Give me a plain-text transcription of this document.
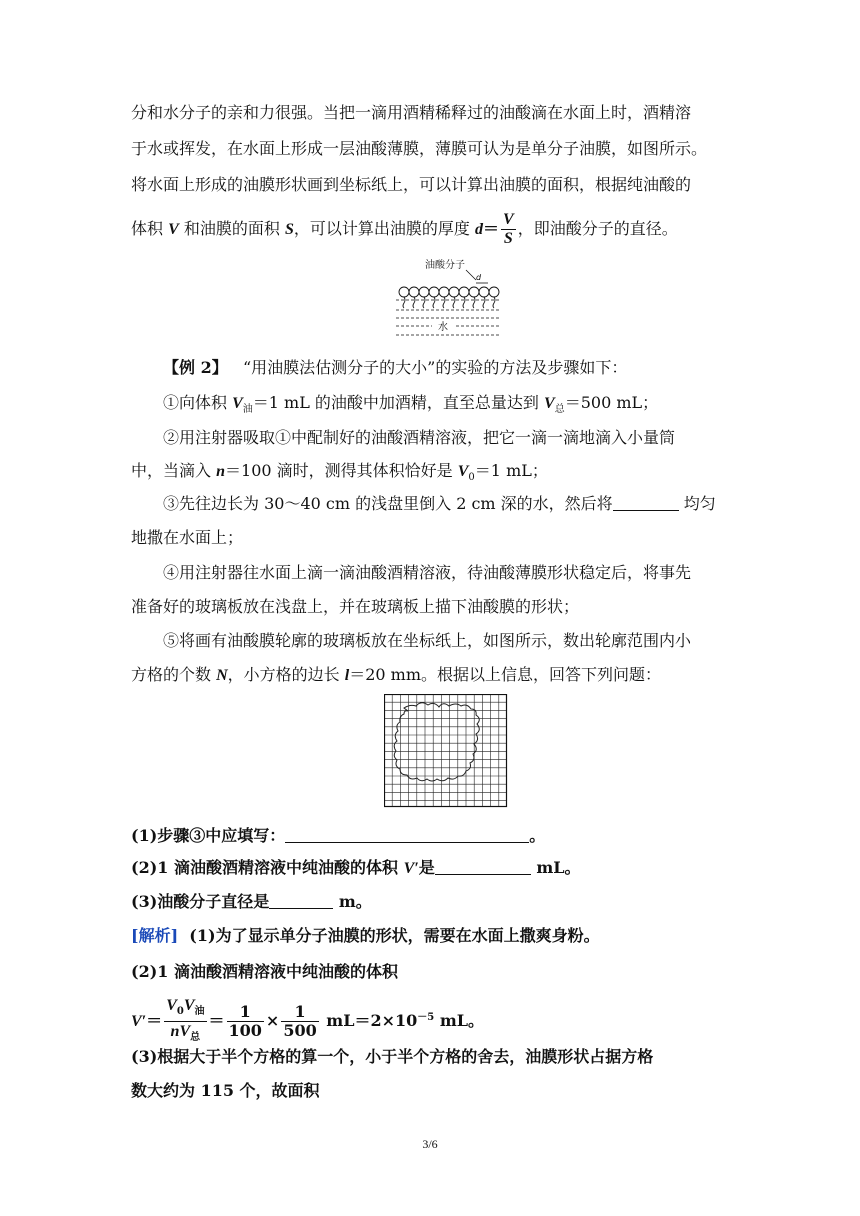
分和水分子的亲和力很强。当把一滴用酒精稀释过的油酸滴在水面上时，酒精溶
于水或挥发，在水面上形成一层油酸薄膜，薄膜可认为是单分子油膜，如图所示。
将水面上形成的油膜形状画到坐标纸上，可以计算出油膜的面积，根据纯油酸的
体积 V 和油膜的面积 S，可以计算出油膜的厚度 $d= \frac{V}{S}$ ，即油酸分子的直径。
油酸分子
d
水
【例 2】 “用油膜法估测分子的大小”的实验的方法及步骤如下：
①向体积 $V_油=1$ mL 的油酸中加酒精，直至总量达到 $V_总=500$ mL；
②用注射器吸取①中配制好的油酸酒精溶液，把它一滴一滴地滴入小量筒
中，当滴入 n＝100 滴时，测得其体积恰好是 $V_0=1$ mL；
③先往边长为 30～40 cm 的浅盘里倒入 2 cm 深的水，然后将	均匀
地撒在水面上；
④用注射器往水面上滴一滴油酸酒精溶液，待油酸薄膜形状稳定后，将事先
准备好的玻璃板放在浅盘上，并在玻璃板上描下油酸膜的形状；
⑤将画有油酸膜轮廓的玻璃板放在坐标纸上，如图所示，数出轮廓范围内小
方格的个数 N，小方格的边长 l＝20 mm。根据以上信息，回答下列问题：
(1)步骤③中应填写：	。
(2)1 滴油酸酒精溶液中纯油酸的体积 V′是	mL。
(3)油酸分子直径是	m。
[解析] (1)为了显示单分子油膜的形状，需要在水面上撒爽身粉。
(2)1 滴油酸酒精溶液中纯油酸的体积
$V'= \frac{V_0V_油}{nV_总} = \frac{1}{100} \times \frac{1}{500} mL=2\times 10^{-5}$ mL。
(3)根据大于半个方格的算一个，小于半个方格的舍去，油膜形状占据方格
数大约为 115 个，故面积
3/6
